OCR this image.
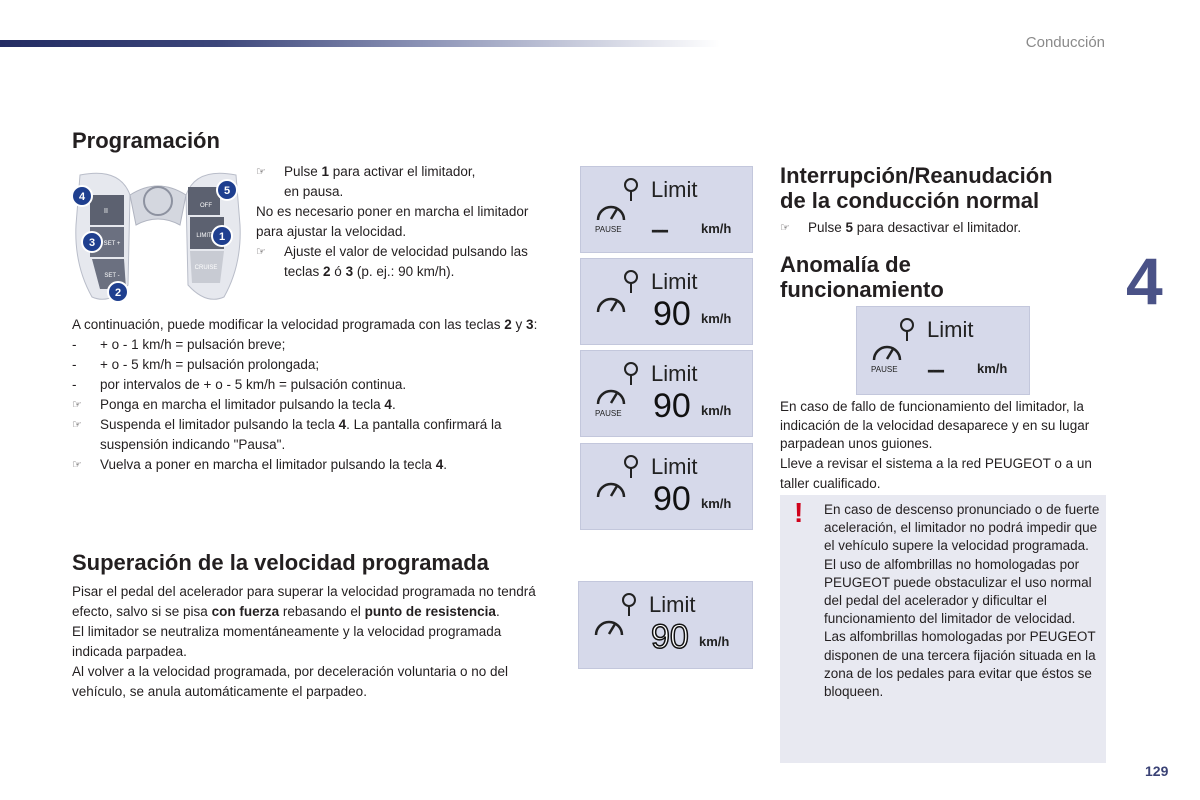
Conducción
4
129
Programación
II
SET +
SET -
LIMIT
CRUISE
OFF
4
3
2
5
1

☞ Pulse 1 para activar el limitador,

en pausa.

No es necesario poner en marcha el limitador para ajustar la velocidad.

☞ Ajuste el valor de velocidad pulsando las teclas 2 ó 3 (p. ej.: 90 km/h).

A continuación, puede modificar la velocidad programada con las teclas 2 y 3:

- + o - 1 km/h = pulsación breve;

- + o - 5 km/h = pulsación prolongada;

- por intervalos de + o - 5 km/h = pulsación continua.

☞ Ponga en marcha el limitador pulsando la tecla 4.

☞ Suspenda el limitador pulsando la tecla 4. La pantalla confirmará la suspensión indicando "Pausa".

☞ Vuelva a poner en marcha el limitador pulsando la tecla 4.

Superación de la velocidad programada

Pisar el pedal del acelerador para superar la velocidad programada no tendrá efecto, salvo si se pisa con fuerza rebasando el punto de resistencia.

El limitador se neutraliza momentáneamente y la velocidad programada indicada parpadea.

Al volver a la velocidad programada, por deceleración voluntaria o no del vehículo, se anula automáticamente el parpadeo.

Limit
PAUSE ---	km/h
Limit
90 km/h
Limit
PAUSE 90 km/h
Limit
90 km/h
Limit
90 km/h
Interrupción/Reanudación
de la conducción normal

☞ Pulse 5 para desactivar el limitador.

Anomalía de
funcionamiento
Limit
PAUSE ---	km/h

En caso de fallo de funcionamiento del limitador, la indicación de la velocidad desaparece y en su lugar parpadean unos guiones.

Lleve a revisar el sistema a la red PEUGEOT o a un taller cualificado.

! En caso de descenso pronunciado o de fuerte aceleración, el limitador no podrá impedir que el vehículo supere la velocidad programada.
El uso de alfombrillas no homologadas por PEUGEOT puede obstaculizar el uso normal del pedal del acelerador y dificultar el funcionamiento del limitador de velocidad.
Las alfombrillas homologadas por PEUGEOT disponen de una tercera fijación situada en la zona de los pedales para evitar que éstos se bloqueen.
